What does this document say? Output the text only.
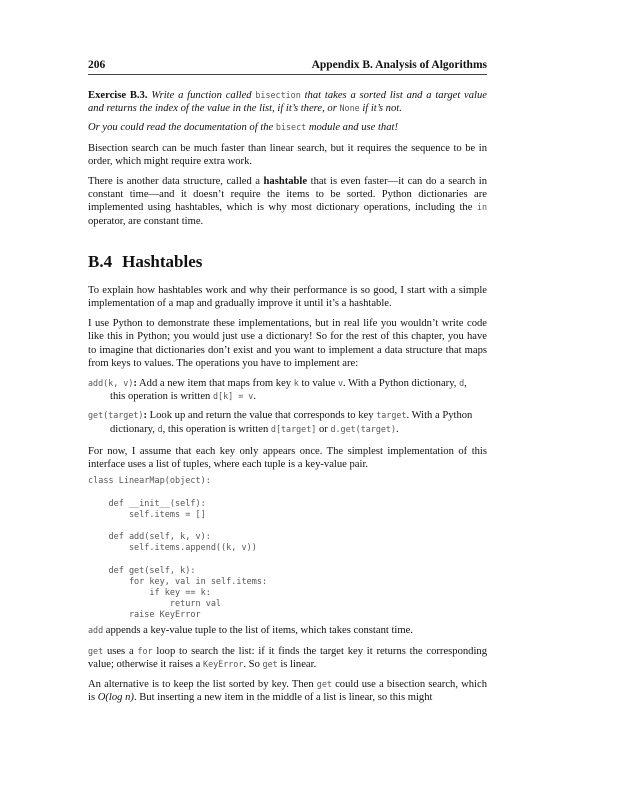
206	Appendix B. Analysis of Algorithms

Exercise B.3. Write a function called bisection that takes a sorted list and a target value and returns the index of the value in the list, if it’s there, or None if it’s not.

Or you could read the documentation of the bisect module and use that!

Bisection search can be much faster than linear search, but it requires the sequence to be in order, which might require extra work.

There is another data structure, called a hashtable that is even faster—it can do a search in constant time—and it doesn’t require the items to be sorted. Python dictionaries are implemented using hashtables, which is why most dictionary operations, including the in operator, are constant time.

B.4 Hashtables

To explain how hashtables work and why their performance is so good, I start with a simple implementation of a map and gradually improve it until it’s a hashtable.

I use Python to demonstrate these implementations, but in real life you wouldn’t write code like this in Python; you would just use a dictionary! So for the rest of this chapter, you have to imagine that dictionaries don’t exist and you want to implement a data structure that maps from keys to values. The operations you have to implement are:

add(k, v): Add a new item that maps from key k to value v. With a Python dictionary, d,
this operation is written d[k] = v.
get(target): Look up and return the value that corresponds to key target. With a Python
dictionary, d, this operation is written d[target] or d.get(target).

For now, I assume that each key only appears once. The simplest implementation of this interface uses a list of tuples, where each tuple is a key-value pair.

class LinearMap(object):

def __init__(self):
self.items = []

def add(self, k, v):
self.items.append((k, v))

def get(self, k):
for key, val in self.items:
if key == k:
return val
raise KeyError

add appends a key-value tuple to the list of items, which takes constant time.

get uses a for loop to search the list: if it finds the target key it returns the corresponding value; otherwise it raises a KeyError. So get is linear.

An alternative is to keep the list sorted by key. Then get could use a bisection search, which is O(log n). But inserting a new item in the middle of a list is linear, so this might
